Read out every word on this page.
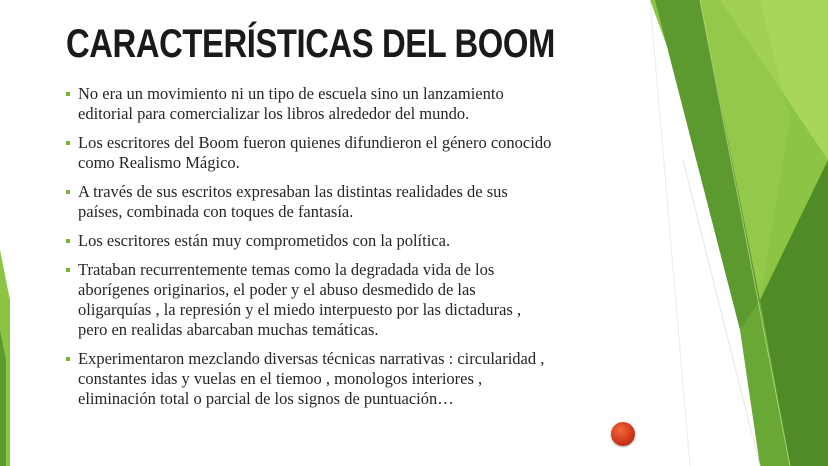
CARACTERÍSTICAS DEL BOOM
No era un movimiento ni un tipo de escuela sino un lanzamiento
editorial para comercializar los libros alrededor del mundo.
Los escritores del Boom fueron quienes difundieron el género conocido
como Realismo Mágico.
A través de sus escritos expresaban las distintas realidades de sus
países, combinada con toques de fantasía.
Los escritores están muy comprometidos con la política.
Trataban recurrentemente temas como la degradada vida de los
aborígenes originarios, el poder y el abuso desmedido de las
oligarquías , la represión y el miedo interpuesto por las dictaduras ,
pero en realidas abarcaban muchas temáticas.
Experimentaron mezclando diversas técnicas narrativas : circularidad ,
constantes idas y vuelas en el tiemoo , monologos interiores ,
eliminación total o parcial de los signos de puntuación…
